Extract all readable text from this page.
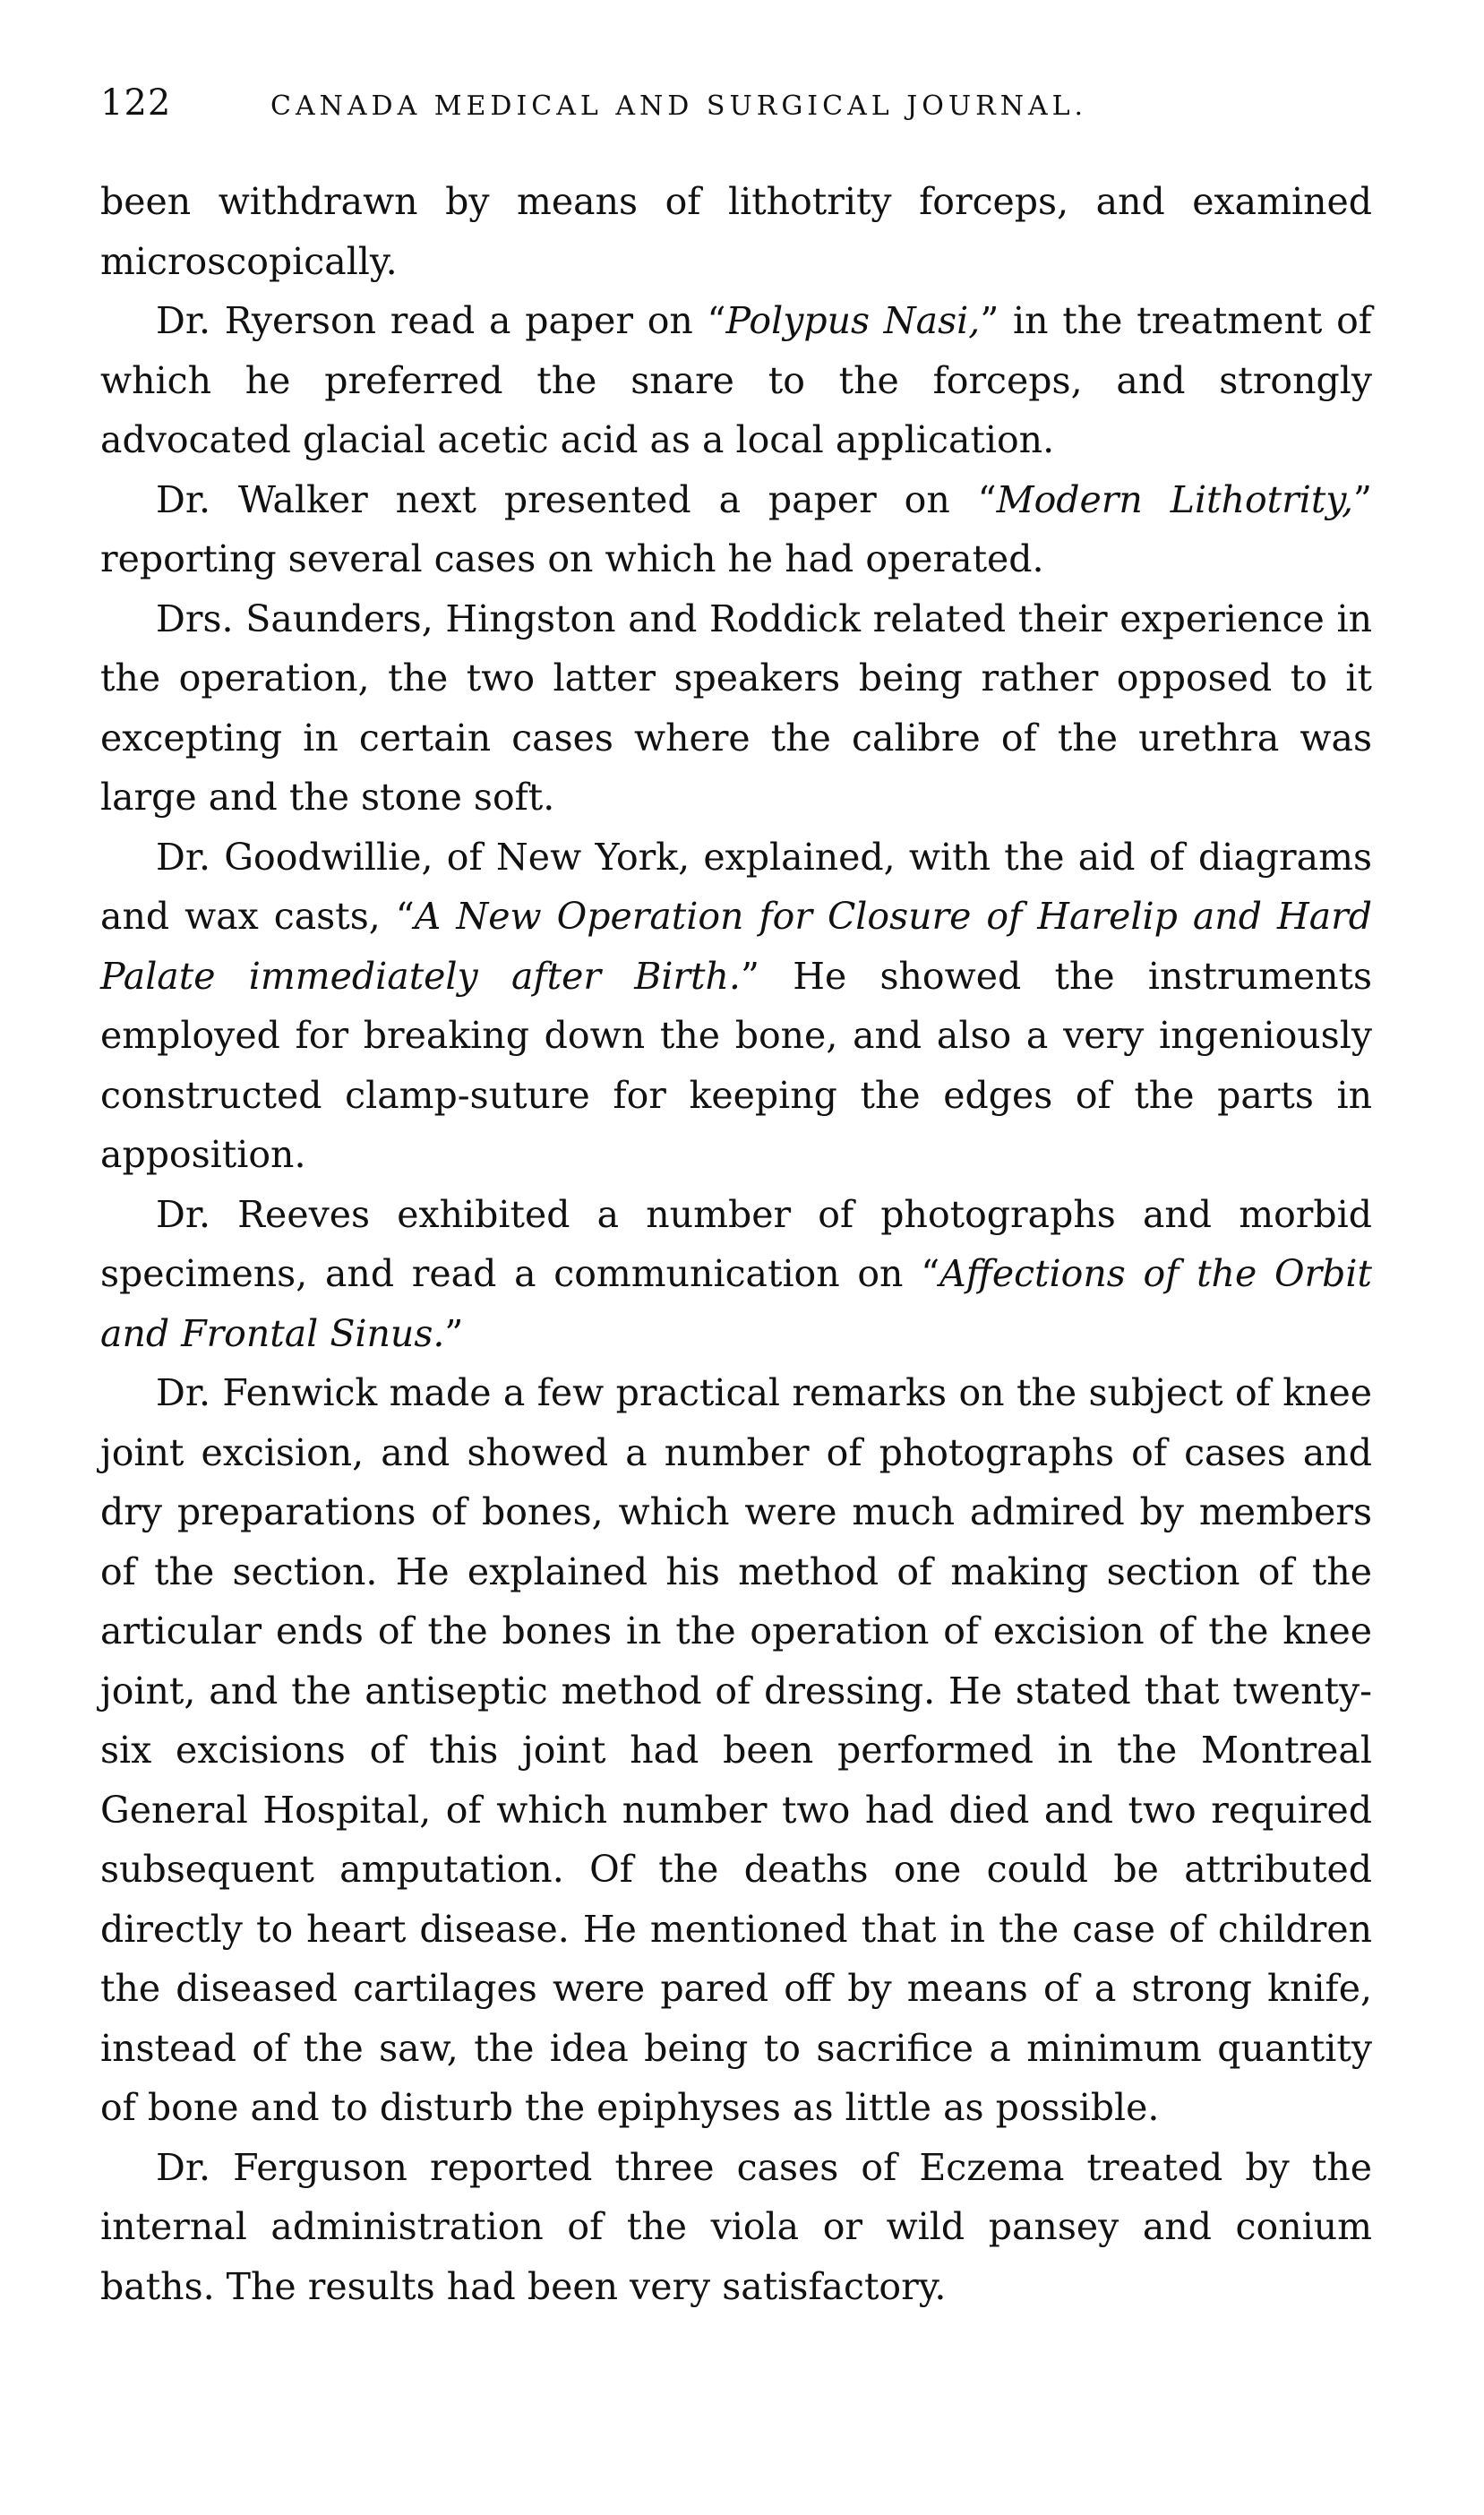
122	CANADA MEDICAL AND SURGICAL JOURNAL.

been withdrawn by means of lithotrity forceps, and examined microscopically.

Dr. Ryerson read a paper on “Polypus Nasi,” in the treatment of which he preferred the snare to the forceps, and strongly advocated glacial acetic acid as a local application.

Dr. Walker next presented a paper on “Modern Lithotrity,” reporting several cases on which he had operated.

Drs. Saunders, Hingston and Roddick related their experience in the operation, the two latter speakers being rather opposed to it excepting in certain cases where the calibre of the urethra was large and the stone soft.

Dr. Goodwillie, of New York, explained, with the aid of diagrams and wax casts, “A New Operation for Closure of Harelip and Hard Palate immediately after Birth.” He showed the instruments employed for breaking down the bone, and also a very ingeniously constructed clamp-suture for keeping the edges of the parts in apposition.

Dr. Reeves exhibited a number of photographs and morbid specimens, and read a communication on “Affections of the Orbit and Frontal Sinus.”

Dr. Fenwick made a few practical remarks on the subject of knee joint excision, and showed a number of photographs of cases and dry preparations of bones, which were much admired by members of the section. He explained his method of making section of the articular ends of the bones in the operation of excision of the knee joint, and the antiseptic method of dressing. He stated that twenty-six excisions of this joint had been performed in the Montreal General Hospital, of which number two had died and two required subsequent amputation. Of the deaths one could be attributed directly to heart disease. He mentioned that in the case of children the diseased cartilages were pared off by means of a strong knife, instead of the saw, the idea being to sacrifice a minimum quantity of bone and to disturb the epiphyses as little as possible.

Dr. Ferguson reported three cases of Eczema treated by the internal administration of the viola or wild pansey and conium baths. The results had been very satisfactory.
